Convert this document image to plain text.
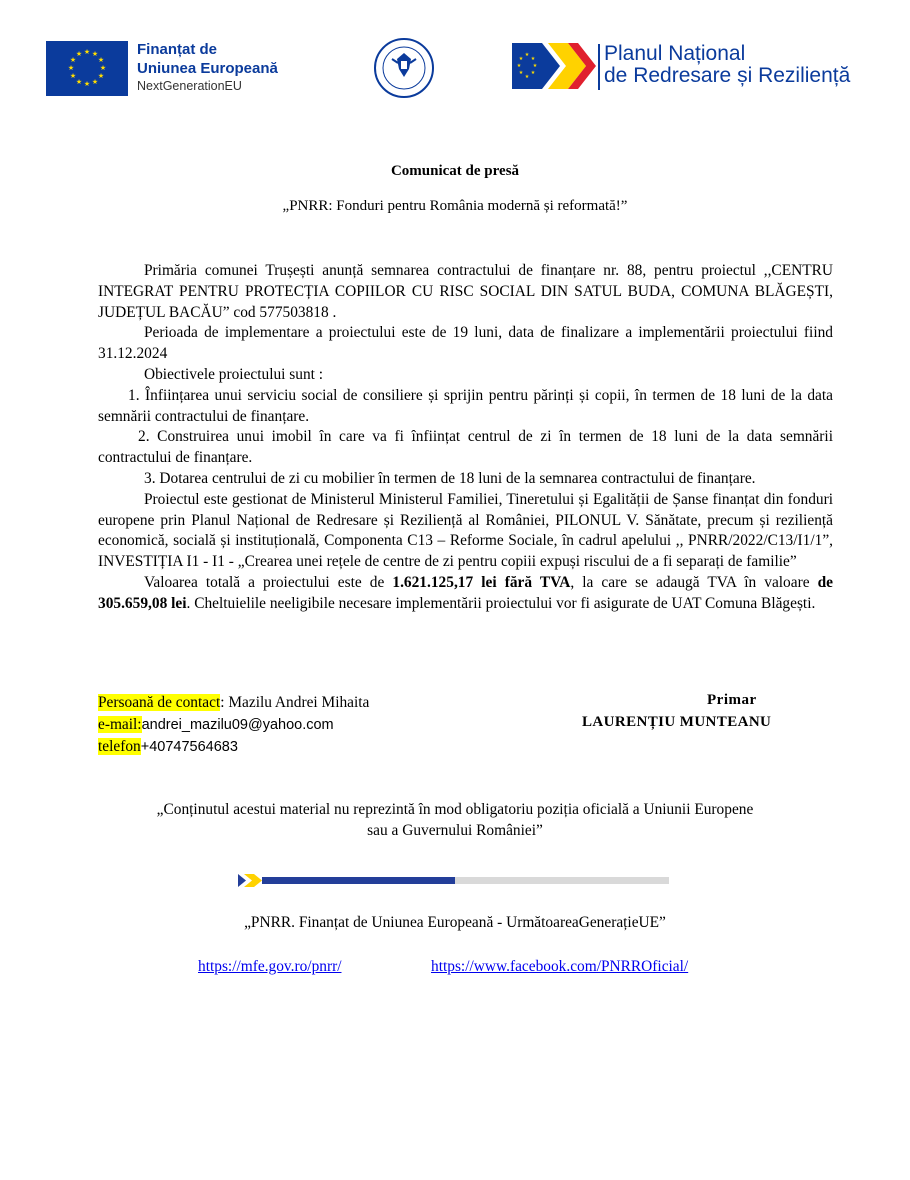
★ ★
★
★
★
★
★
★
★
★
★
★	Finanțat de
Uniunea Europeană
NextGenerationEU
★
★
★
★
★
★
★
★	Planul Național
de Redresare și Reziliență
Comunicat de presă
„PNRR: Fonduri pentru România modernă și reformată!”

Primăria comunei Trușești anunță semnarea contractului de finanțare nr. 88, pentru proiectul ,,CENTRU INTEGRAT PENTRU PROTECȚIA COPIILOR CU RISC SOCIAL DIN SATUL BUDA, COMUNA BLĂGEȘTI, JUDEȚUL BACĂU” cod 577503818 .

Perioada de implementare a proiectului este de 19 luni, data de finalizare a implementării proiectului fiind 31.12.2024

Obiectivele proiectului sunt :

1. Înființarea unui serviciu social de consiliere și sprijin pentru părinți și copii, în termen de 18 luni de la data semnării contractului de finanțare.

2. Construirea unui imobil în care va fi înființat centrul de zi în termen de 18 luni de la data semnării contractului de finanțare.

3. Dotarea centrului de zi cu mobilier în termen de 18 luni de la semnarea contractului de finanțare.

Proiectul este gestionat de Ministerul Ministerul Familiei, Tineretului și Egalității de Șanse finanțat din fonduri europene prin Planul Național de Redresare și Reziliență al României, PILONUL V. Sănătate, precum și reziliență economică, socială și instituțională, Componenta C13 – Reforme Sociale, în cadrul apelului ,, PNRR/2022/C13/I1/1”, INVESTIȚIA I1 - I1 - „Crearea unei rețele de centre de zi pentru copiii expuși riscului de a fi separați de familie”

Valoarea totală a proiectului este de 1.621.125,17 lei fără TVA, la care se adaugă TVA în valoare de 305.659,08 lei. Cheltuielile neeligibile necesare implementării proiectului vor fi asigurate de UAT Comuna Blăgești.

Persoană de contact: Mazilu Andrei Mihaita
e-mail:andrei_mazilu09@yahoo.com
telefon+40747564683
Primar
LAURENȚIU MUNTEANU
„Conținutul acestui material nu reprezintă în mod obligatoriu poziția oficială a Uniunii Europene
sau a Guvernului României”
„PNRR. Finanțat de Uniunea Europeană - UrmătoareaGenerațieUE”
https://mfe.gov.ro/pnrr/	https://www.facebook.com/PNRROficial/
